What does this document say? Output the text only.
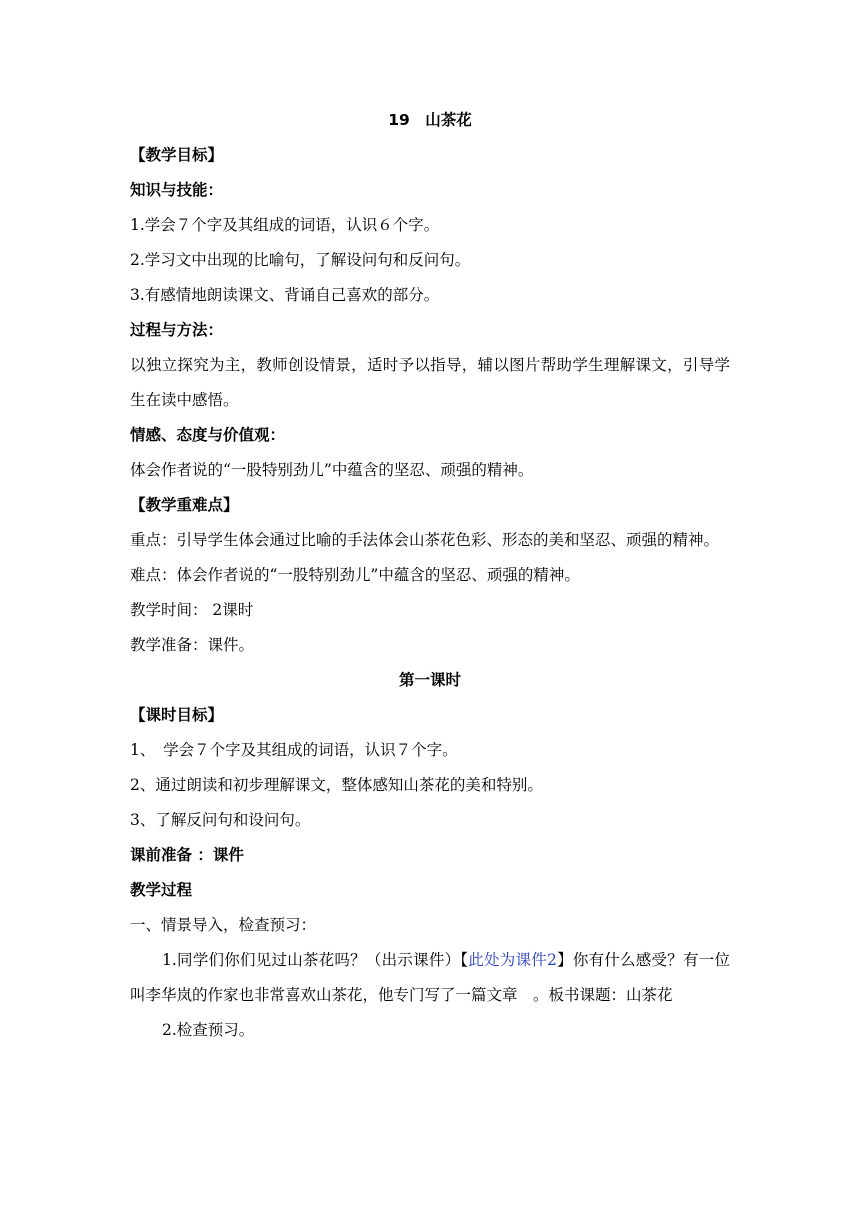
19　山茶花
【教学目标】
知识与技能：
1.学会７个字及其组成的词语，认识６个字。
2.学习文中出现的比喻句，了解设问句和反问句。
3.有感情地朗读课文、背诵自己喜欢的部分。
过程与方法：
以独立探究为主，教师创设情景，适时予以指导，辅以图片帮助学生理解课文，引导学生在读中感悟。
情感、态度与价值观：
体会作者说的“一股特别劲儿”中蕴含的坚忍、顽强的精神。
【教学重难点】
重点：引导学生体会通过比喻的手法体会山茶花色彩、形态的美和坚忍、顽强的精神。
难点：体会作者说的“一股特别劲儿”中蕴含的坚忍、顽强的精神。
教学时间： 2课时
教学准备：课件。
第一课时
【课时目标】
1、　学会７个字及其组成的词语，认识７个字。
2、通过朗读和初步理解课文，整体感知山茶花的美和特别。
3、了解反问句和设问句。
课前准备 ：课件
教学过程
一、情景导入，检查预习：
1.同学们你们见过山茶花吗？（出示课件）【此处为课件2】你有什么感受？有一位叫李华岚的作家也非常喜欢山茶花，他专门写了一篇文章　。板书课题：山茶花
2.检查预习。
